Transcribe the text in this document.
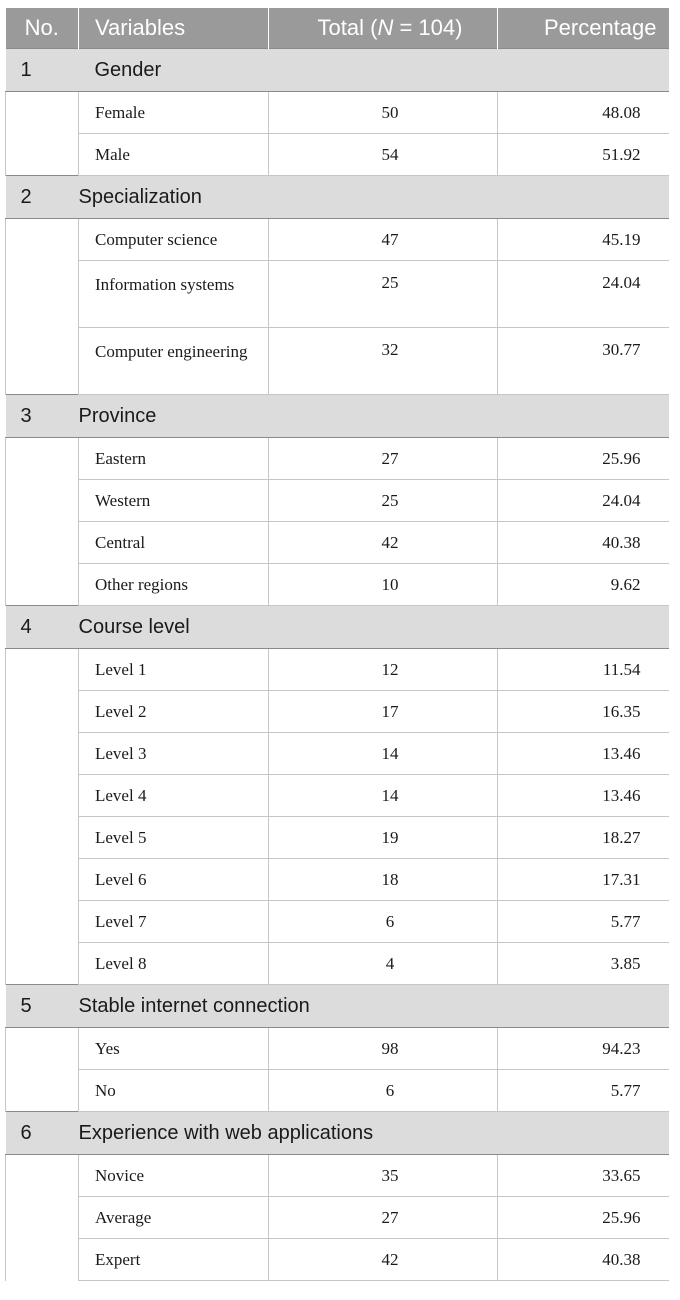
No.	Variables	Total (N = 104)	Percentage
1	Gender		

	Female	50	48.08

	Male	54	51.92

2	Specialization		

	Computer science	47	45.19

	Information systems	25	24.04

	Computer engineering	32	30.77

3	Province		

	Eastern	27	25.96

	Western	25	24.04

	Central	42	40.38

	Other regions	10	9.62

4	Course level		

	Level 1	12	11.54

	Level 2	17	16.35

	Level 3	14	13.46

	Level 4	14	13.46

	Level 5	19	18.27

	Level 6	18	17.31

	Level 7	6	5.77

	Level 8	4	3.85

5	Stable internet connection		

	Yes	98	94.23

	No	6	5.77

6	Experience with web applications		

	Novice	35	33.65

	Average	27	25.96

	Expert	42	40.38
